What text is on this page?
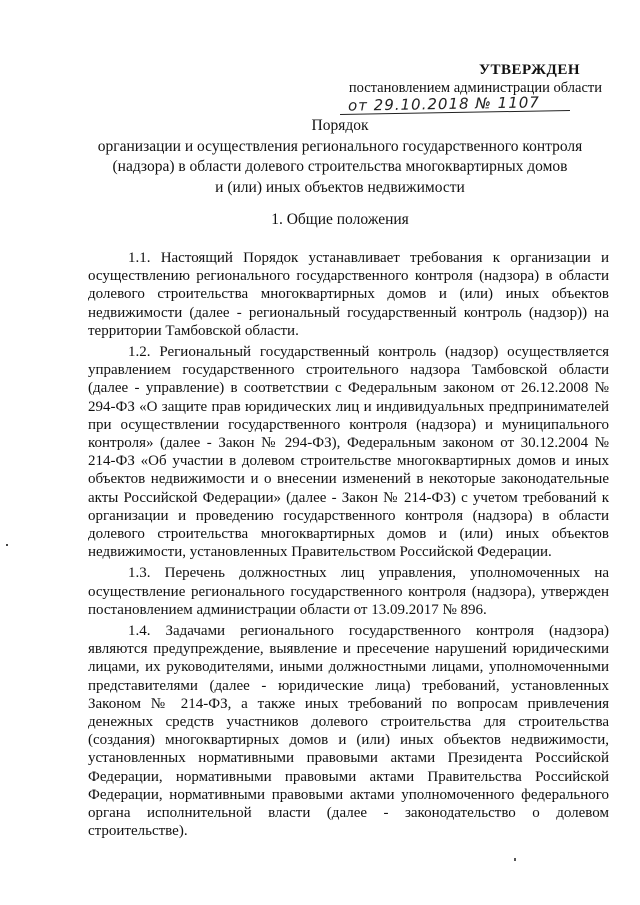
УТВЕРЖДЕН
постановлением администрации области
от 29.10.2018 № 1107
Порядок
организации и осуществления регионального государственного контроля
(надзора) в области долевого строительства многоквартирных домов
и (или) иных объектов недвижимости
1. Общие положения

1.1. Настоящий Порядок устанавливает требования к организации и осуществлению регионального государственного контроля (надзора) в области долевого строительства многоквартирных домов и (или) иных объектов недвижимости (далее - региональный государственный контроль (надзор)) на территории Тамбовской области.

1.2. Региональный государственный контроль (надзор) осуществляется управлением государственного строительного надзора Тамбовской области (далее - управление) в соответствии с Федеральным законом от 26.12.2008 № 294-ФЗ «О защите прав юридических лиц и индивидуальных предпринимателей при осуществлении государственного контроля (надзора) и муниципального контроля» (далее - Закон № 294-ФЗ), Федеральным законом от 30.12.2004 № 214-ФЗ «Об участии в долевом строительстве многоквартирных домов и иных объектов недвижимости и о внесении изменений в некоторые законодательные акты Российской Федерации» (далее - Закон № 214-ФЗ) с учетом требований к организации и проведению государственного контроля (надзора) в области долевого строительства многоквартирных домов и (или) иных объектов недвижимости, установленных Правительством Российской Федерации.

1.3. Перечень должностных лиц управления, уполномоченных на осуществление регионального государственного контроля (надзора), утвержден постановлением администрации области от 13.09.2017 № 896.

1.4. Задачами регионального государственного контроля (надзора) являются предупреждение, выявление и пресечение нарушений юридическими лицами, их руководителями, иными должностными лицами, уполномоченными представителями (далее - юридические лица) требований, установленных Законом № 214-ФЗ, а также иных требований по вопросам привлечения денежных средств участников долевого строительства для строительства (создания) многоквартирных домов и (или) иных объектов недвижимости, установленных нормативными правовыми актами Президента Российской Федерации, нормативными правовыми актами Правительства Российской Федерации, нормативными правовыми актами уполномоченного федерального органа исполнительной власти (далее - законодательство о долевом строительстве).
